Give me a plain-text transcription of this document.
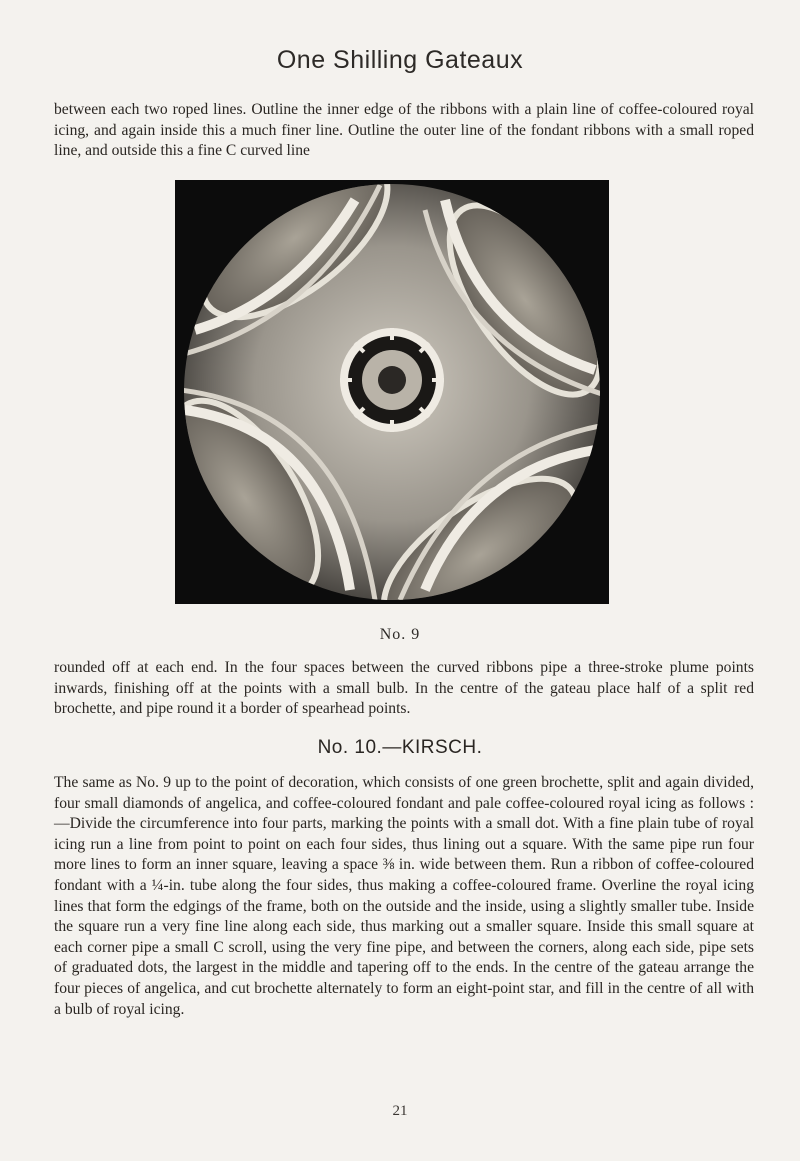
One Shilling Gateaux

between each two roped lines. Outline the inner edge of the ribbons with a plain line of coffee-coloured royal icing, and again inside this a much finer line. Outline the outer line of the fondant ribbons with a small roped line, and outside this a fine C curved line

No. 9

rounded off at each end. In the four spaces between the curved ribbons pipe a three-stroke plume points inwards, finishing off at the points with a small bulb. In the centre of the gateau place half of a split red brochette, and pipe round it a border of spearhead points.

No. 10.—KIRSCH.

The same as No. 9 up to the point of decoration, which consists of one green brochette, split and again divided, four small diamonds of angelica, and coffee-coloured fondant and pale coffee-coloured royal icing as follows :—Divide the circumference into four parts, marking the points with a small dot. With a fine plain tube of royal icing run a line from point to point on each four sides, thus lining out a square. With the same pipe run four more lines to form an inner square, leaving a space ⅜ in. wide between them. Run a ribbon of coffee-coloured fondant with a ¼-in. tube along the four sides, thus making a coffee-coloured frame. Overline the royal icing lines that form the edgings of the frame, both on the outside and the inside, using a slightly smaller tube. Inside the square run a very fine line along each side, thus marking out a smaller square. Inside this small square at each corner pipe a small C scroll, using the very fine pipe, and between the corners, along each side, pipe sets of graduated dots, the largest in the middle and tapering off to the ends. In the centre of the gateau arrange the four pieces of angelica, and cut brochette alternately to form an eight-point star, and fill in the centre of all with a bulb of royal icing.

21
